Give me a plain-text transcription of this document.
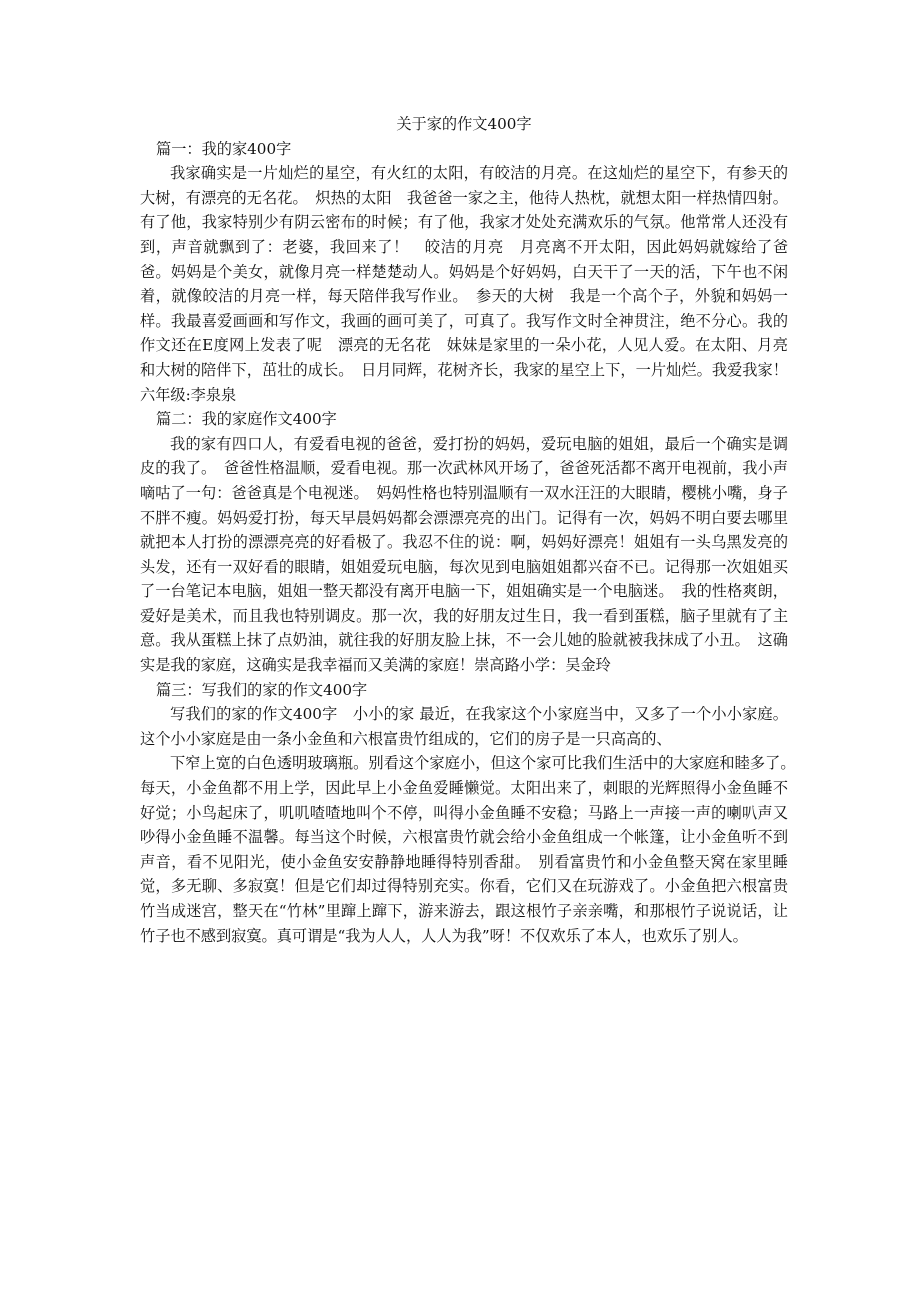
关于家的作文400字

篇一：我的家400字

我家确实是一片灿烂的星空，有火红的太阳，有皎洁的月亮。在这灿烂的星空下，有参天的大树，有漂亮的无名花。　炽热的太阳　我爸爸一家之主，他待人热枕，就想太阳一样热情四射。有了他，我家特别少有阴云密布的时候；有了他，我家才处处充满欢乐的气氛。他常常人还没有到，声音就飘到了：老婆，我回来了！　皎洁的月亮　月亮离不开太阳，因此妈妈就嫁给了爸爸。妈妈是个美女，就像月亮一样楚楚动人。妈妈是个好妈妈，白天干了一天的活，下午也不闲着，就像皎洁的月亮一样，每天陪伴我写作业。　参天的大树　我是一个高个子，外貌和妈妈一样。我最喜爱画画和写作文，我画的画可美了，可真了。我写作文时全神贯注，绝不分心。我的作文还在E度网上发表了呢　漂亮的无名花　妹妹是家里的一朵小花，人见人爱。在太阳、月亮和大树的陪伴下，茁壮的成长。　日月同辉，花树齐长，我家的星空上下，一片灿烂。我爱我家！六年级:李泉泉

篇二：我的家庭作文400字

我的家有四口人，有爱看电视的爸爸，爱打扮的妈妈，爱玩电脑的姐姐，最后一个确实是调皮的我了。　爸爸性格温顺，爱看电视。那一次武林风开场了，爸爸死活都不离开电视前，我小声嘀咕了一句：爸爸真是个电视迷。　妈妈性格也特别温顺有一双水汪汪的大眼睛，樱桃小嘴，身子不胖不瘦。妈妈爱打扮，每天早晨妈妈都会漂漂亮亮的出门。记得有一次，妈妈不明白要去哪里就把本人打扮的漂漂亮亮的好看极了。我忍不住的说：啊，妈妈好漂亮！姐姐有一头乌黑发亮的头发，还有一双好看的眼睛，姐姐爱玩电脑，每次见到电脑姐姐都兴奋不已。记得那一次姐姐买了一台笔记本电脑，姐姐一整天都没有离开电脑一下，姐姐确实是一个电脑迷。　我的性格爽朗，爱好是美术，而且我也特别调皮。那一次，我的好朋友过生日，我一看到蛋糕，脑子里就有了主意。我从蛋糕上抹了点奶油，就往我的好朋友脸上抹，不一会儿她的脸就被我抹成了小丑。　这确实是我的家庭，这确实是我幸福而又美满的家庭！崇高路小学：吴金玲

篇三：写我们的家的作文400字

写我们的家的作文400字　小小的家 最近，在我家这个小家庭当中，又多了一个小小家庭。这个小小家庭是由一条小金鱼和六根富贵竹组成的，它们的房子是一只高高的、

下窄上宽的白色透明玻璃瓶。别看这个家庭小，但这个家可比我们生活中的大家庭和睦多了。　每天，小金鱼都不用上学，因此早上小金鱼爱睡懒觉。太阳出来了，刺眼的光辉照得小金鱼睡不好觉；小鸟起床了，叽叽喳喳地叫个不停，叫得小金鱼睡不安稳；马路上一声接一声的喇叭声又吵得小金鱼睡不温馨。每当这个时候，六根富贵竹就会给小金鱼组成一个帐篷，让小金鱼听不到声音，看不见阳光，使小金鱼安安静静地睡得特别香甜。　别看富贵竹和小金鱼整天窝在家里睡觉，多无聊、多寂寞！但是它们却过得特别充实。你看，它们又在玩游戏了。小金鱼把六根富贵竹当成迷宫，整天在“竹林”里蹿上蹿下，游来游去，跟这根竹子亲亲嘴，和那根竹子说说话，让竹子也不感到寂寞。真可谓是“我为人人，人人为我”呀！不仅欢乐了本人，也欢乐了别人。
